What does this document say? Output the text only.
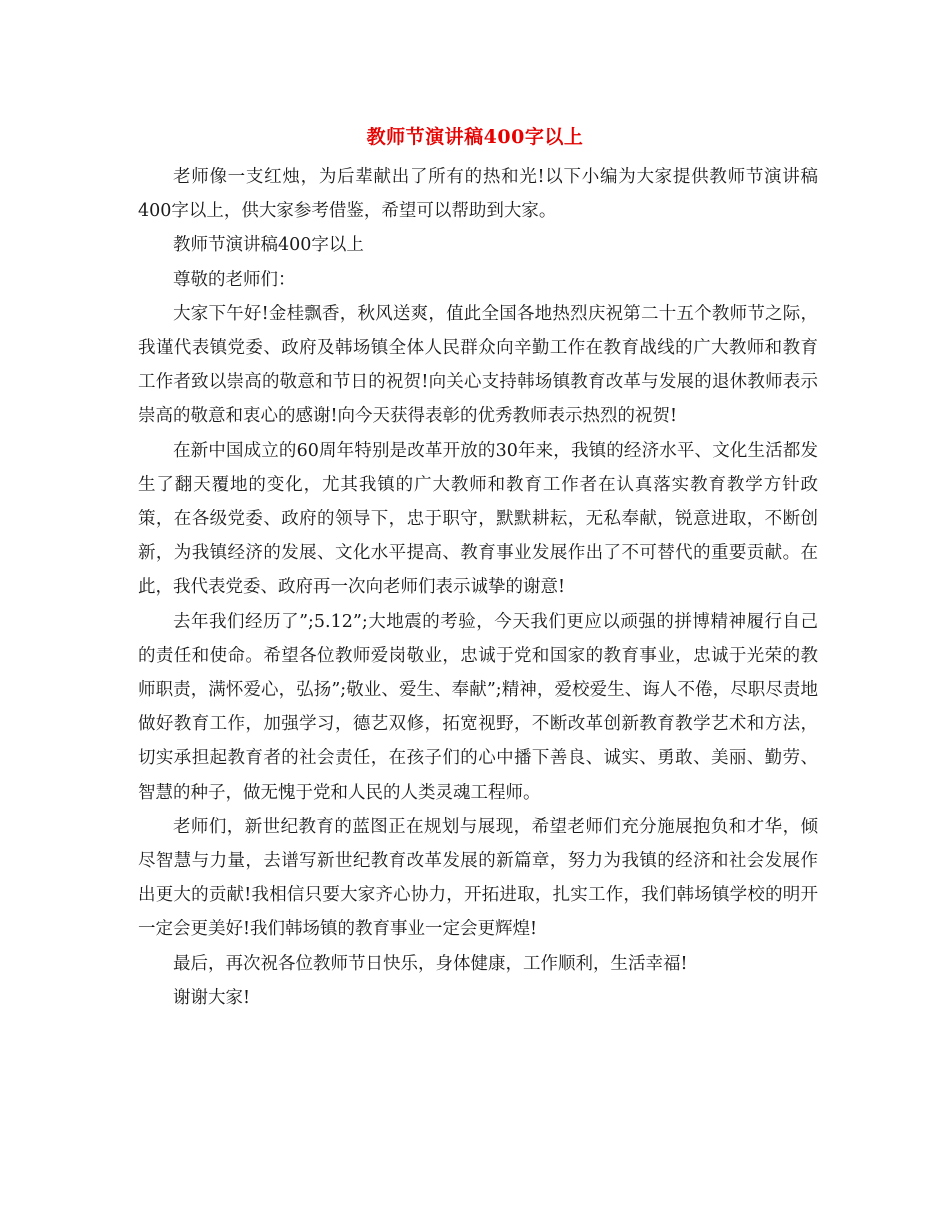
教师节演讲稿400字以上

老师像一支红烛，为后辈献出了所有的热和光!以下小编为大家提供教师节演讲稿400字以上，供大家参考借鉴，希望可以帮助到大家。

教师节演讲稿400字以上

尊敬的老师们：

大家下午好!金桂飘香，秋风送爽，值此全国各地热烈庆祝第二十五个教师节之际，我谨代表镇党委、政府及韩场镇全体人民群众向辛勤工作在教育战线的广大教师和教育工作者致以崇高的敬意和节日的祝贺!向关心支持韩场镇教育改革与发展的退休教师表示崇高的敬意和衷心的感谢!向今天获得表彰的优秀教师表示热烈的祝贺!

在新中国成立的60周年特别是改革开放的30年来，我镇的经济水平、文化生活都发生了翻天覆地的变化，尤其我镇的广大教师和教育工作者在认真落实教育教学方针政策，在各级党委、政府的领导下，忠于职守，默默耕耘，无私奉献，锐意进取，不断创新，为我镇经济的发展、文化水平提高、教育事业发展作出了不可替代的重要贡献。在此，我代表党委、政府再一次向老师们表示诚挚的谢意!

去年我们经历了”;5.12”;大地震的考验，今天我们更应以顽强的拼博精神履行自己的责任和使命。希望各位教师爱岗敬业，忠诚于党和国家的教育事业，忠诚于光荣的教师职责，满怀爱心，弘扬”;敬业、爱生、奉献”;精神，爱校爱生、诲人不倦，尽职尽责地做好教育工作，加强学习，德艺双修，拓宽视野，不断改革创新教育教学艺术和方法，切实承担起教育者的社会责任，在孩子们的心中播下善良、诚实、勇敢、美丽、勤劳、智慧的种子，做无愧于党和人民的人类灵魂工程师。

老师们，新世纪教育的蓝图正在规划与展现，希望老师们充分施展抱负和才华，倾尽智慧与力量，去谱写新世纪教育改革发展的新篇章，努力为我镇的经济和社会发展作出更大的贡献!我相信只要大家齐心协力，开拓进取，扎实工作，我们韩场镇学校的明开一定会更美好!我们韩场镇的教育事业一定会更辉煌!

最后，再次祝各位教师节日快乐，身体健康，工作顺利，生活幸福!

谢谢大家!
